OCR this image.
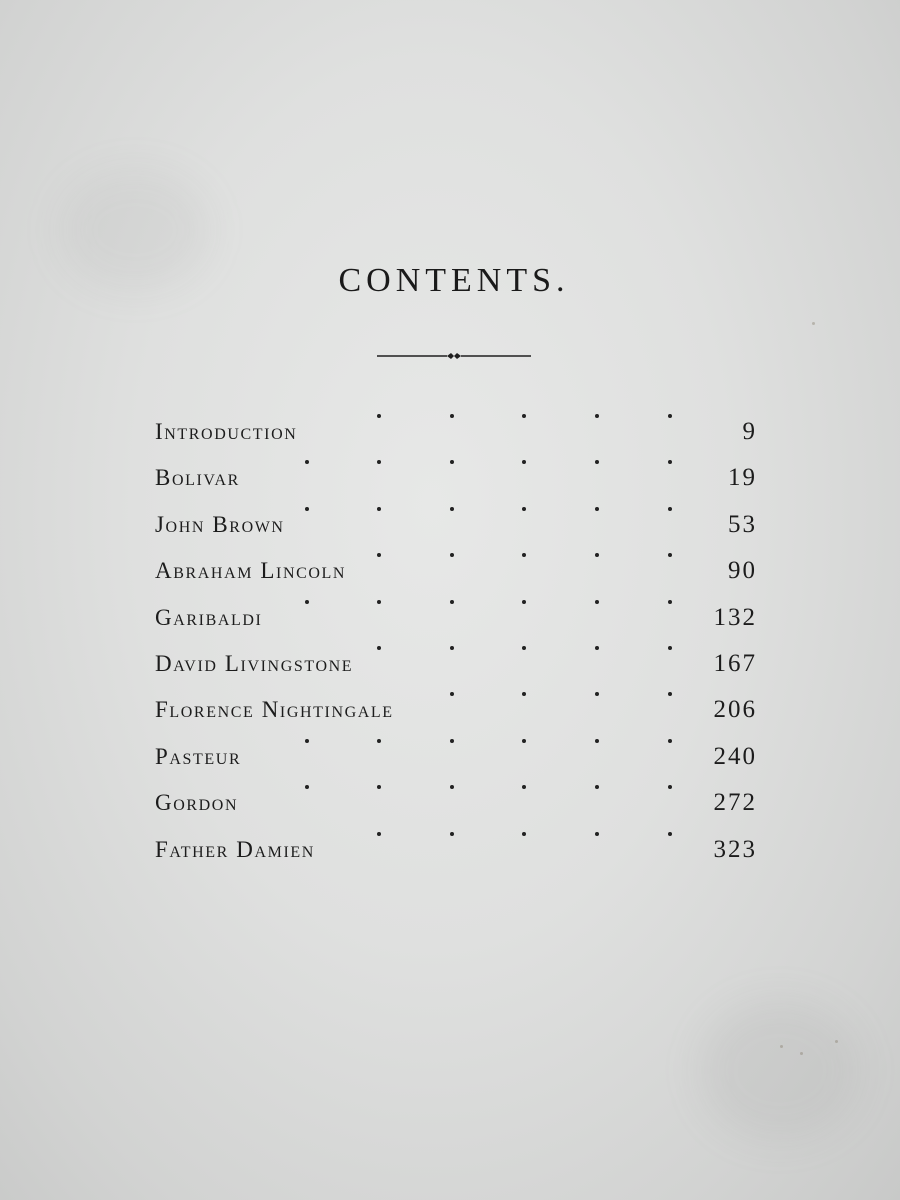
CONTENTS.
Introduction	9
Bolivar	19
John Brown	53
Abraham Lincoln	90
Garibaldi	132
David Livingstone	167
Florence Nightingale	206
Pasteur	240
Gordon	272
Father Damien	323
